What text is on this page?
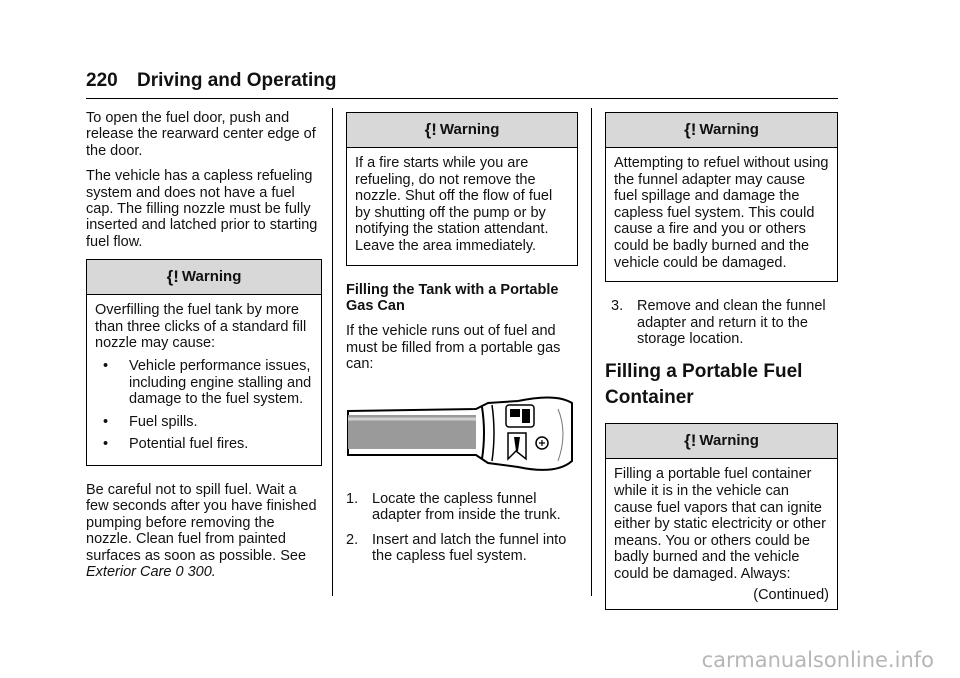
220 Driving and Operating

To open the fuel door, push and release the rearward center edge of the door.

The vehicle has a capless refueling system and does not have a fuel cap. The filling nozzle must be fully inserted and latched prior to starting fuel flow.

{! Warning

Overfilling the fuel tank by more than three clicks of a standard fill nozzle may cause:

•	Vehicle performance issues, including engine stalling and damage to the fuel system.
•	Fuel spills.
•	Potential fuel fires.

Be careful not to spill fuel. Wait a few seconds after you have finished pumping before removing the nozzle. Clean fuel from painted surfaces as soon as possible. See Exterior Care 0 300.

{! Warning

If a fire starts while you are refueling, do not remove the nozzle. Shut off the flow of fuel by shutting off the pump or by notifying the station attendant. Leave the area immediately.

Filling the Tank with a Portable Gas Can

If the vehicle runs out of fuel and must be filled from a portable gas can:

1. Locate the capless funnel adapter from inside the trunk.
2. Insert and latch the funnel into the capless fuel system.
{! Warning

Attempting to refuel without using the funnel adapter may cause fuel spillage and damage the capless fuel system. This could cause a fire and you or others could be badly burned and the vehicle could be damaged.

3. Remove and clean the funnel adapter and return it to the storage location.
Filling a Portable Fuel Container
{! Warning

Filling a portable fuel container while it is in the vehicle can cause fuel vapors that can ignite either by static electricity or other means. You or others could be badly burned and the vehicle could be damaged. Always:

(Continued)
carmanualsonline.info
